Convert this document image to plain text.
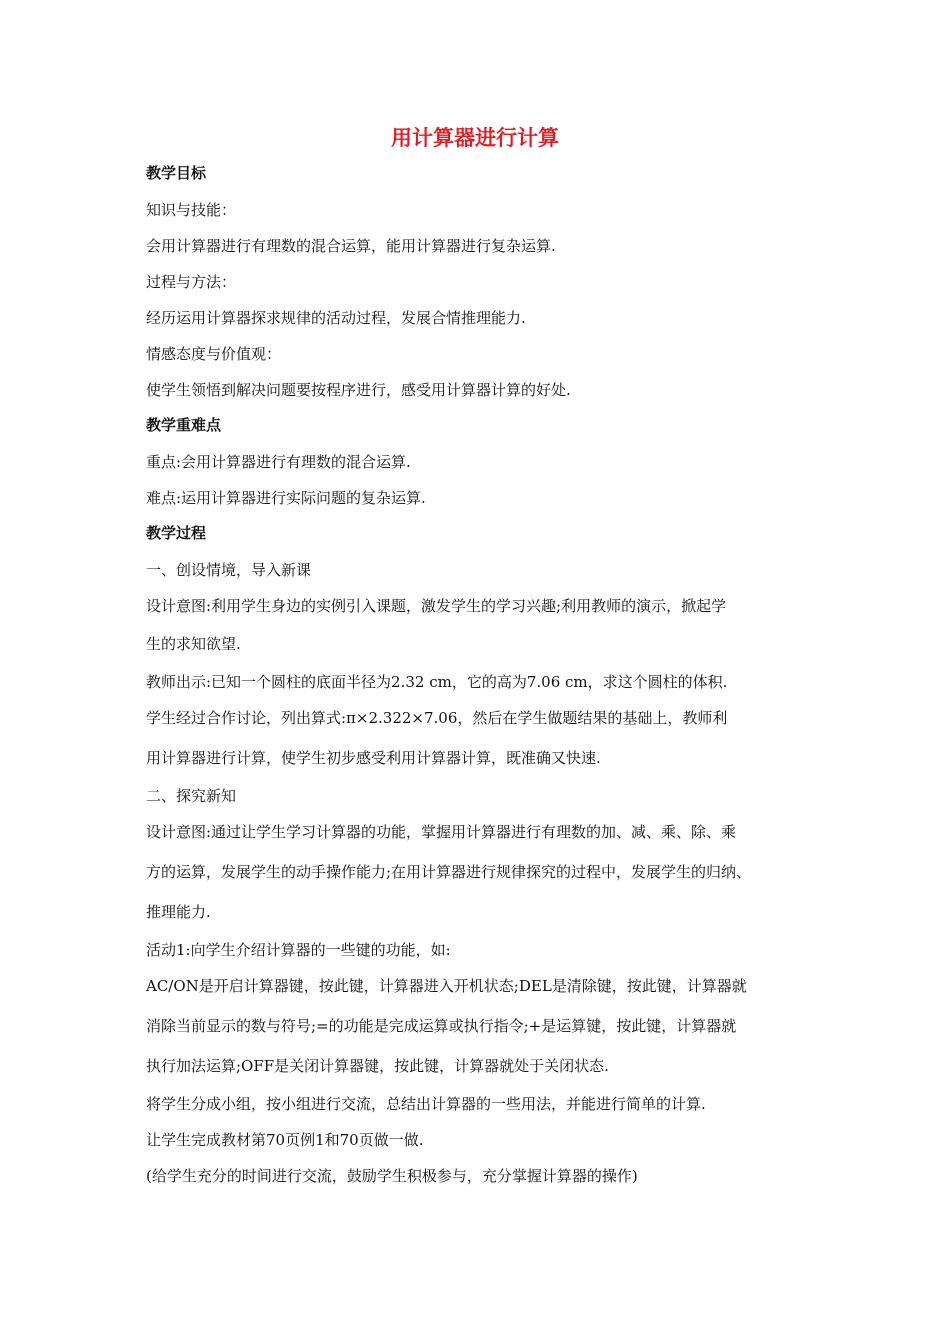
用计算器进行计算
教学目标
知识与技能：
会用计算器进行有理数的混合运算，能用计算器进行复杂运算.
过程与方法：
经历运用计算器探求规律的活动过程，发展合情推理能力.
情感态度与价值观：
使学生领悟到解决问题要按程序进行，感受用计算器计算的好处.
教学重难点
重点:会用计算器进行有理数的混合运算.
难点:运用计算器进行实际问题的复杂运算.
教学过程
一、创设情境，导入新课
设计意图:利用学生身边的实例引入课题，激发学生的学习兴趣;利用教师的演示，掀起学
生的求知欲望.
教师出示:已知一个圆柱的底面半径为2.32 cm，它的高为7.06 cm，求这个圆柱的体积.
学生经过合作讨论，列出算式:π×2.322×7.06，然后在学生做题结果的基础上，教师利
用计算器进行计算，使学生初步感受利用计算器计算，既准确又快速.
二、探究新知
设计意图:通过让学生学习计算器的功能，掌握用计算器进行有理数的加、减、乘、除、乘
方的运算，发展学生的动手操作能力;在用计算器进行规律探究的过程中，发展学生的归纳、
推理能力.
活动1:向学生介绍计算器的一些键的功能，如:
AC/ON是开启计算器键，按此键，计算器进入开机状态;DEL是清除键，按此键，计算器就
消除当前显示的数与符号;=的功能是完成运算或执行指令;+是运算键，按此键，计算器就
执行加法运算;OFF是关闭计算器键，按此键，计算器就处于关闭状态.
将学生分成小组，按小组进行交流，总结出计算器的一些用法，并能进行简单的计算.
让学生完成教材第70页例1和70页做一做.
(给学生充分的时间进行交流，鼓励学生积极参与，充分掌握计算器的操作)
